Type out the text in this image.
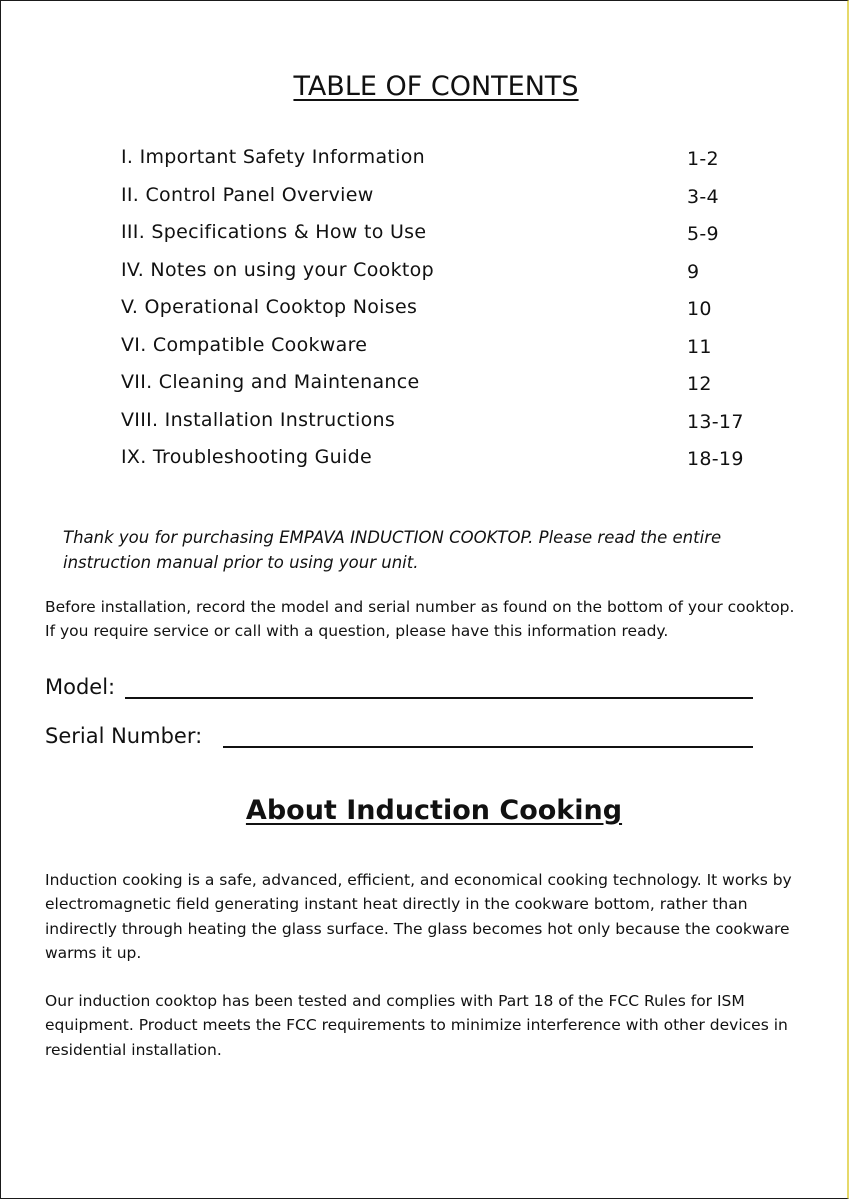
TABLE OF CONTENTS
I. Important Safety Information	1-2
II. Control Panel Overview	3-4
III. Specifications & How to Use	5-9
IV. Notes on using your Cooktop	9
V. Operational Cooktop Noises	10
VI. Compatible Cookware	11
VII. Cleaning and Maintenance	12
VIII. Installation Instructions	13-17
IX. Troubleshooting Guide	18-19

Thank you for purchasing EMPAVA INDUCTION COOKTOP. Please read the entire instruction manual prior to using your unit.

Before installation, record the model and serial number as found on the bottom of your cooktop. If you require service or call with a question, please have this information ready.

Model:
Serial Number:
About Induction Cooking

Induction cooking is a safe, advanced, efficient, and economical cooking technology. It works by electromagnetic field generating instant heat directly in the cookware bottom, rather than indirectly through heating the glass surface. The glass becomes hot only because the cookware warms it up.

Our induction cooktop has been tested and complies with Part 18 of the FCC Rules for ISM equipment. Product meets the FCC requirements to minimize interference with other devices in residential installation.
